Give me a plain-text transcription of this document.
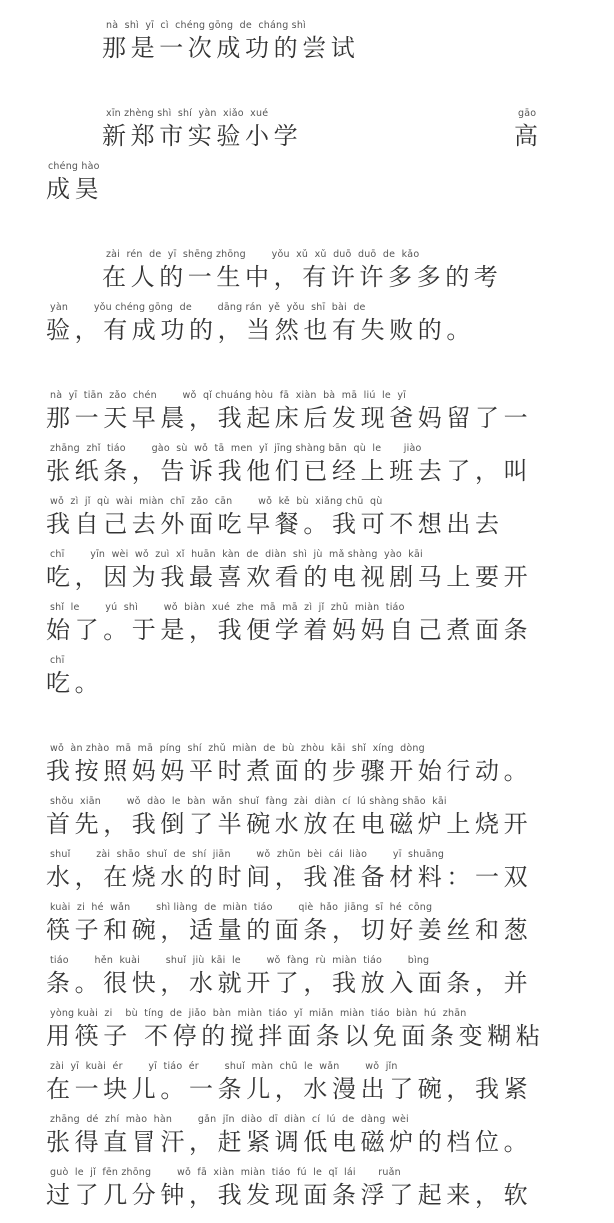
nà  shì  yī  cì  chéng gōng  de  cháng shì
那是一次成功的尝试
xīn zhèng shì  shí  yàn  xiǎo  xué
新郑市实验小学
gāo
高
chéng hào
成昊
zài  rén  de  yī  shēng zhōng        yǒu  xǔ  xǔ  duō  duō  de  kǎo
在人的一生中，有许许多多的考
yàn        yǒu chéng gōng  de        dāng rán  yě  yǒu  shī  bài  de
验，有成功的，当然也有失败的。
nà  yī  tiān  zǎo  chén        wǒ  qǐ chuáng hòu  fā  xiàn  bà  mā  liú  le  yī
那一天早晨，我起床后发现爸妈留了一
zhāng  zhǐ  tiáo        gào  sù  wǒ  tā  men  yǐ  jīng shàng bān  qù  le       jiào
张纸条，告诉我他们已经上班去了，叫
wǒ  zì  jǐ  qù  wài  miàn  chī  zǎo  cān        wǒ  kě  bù  xiǎng chū  qù
我自己去外面吃早餐。我可不想出去
chī        yīn  wèi  wǒ  zuì  xǐ  huān  kàn  de  diàn  shì  jù  mǎ shàng  yào  kāi
吃，因为我最喜欢看的电视剧马上要开
shǐ  le        yú  shì        wǒ  biàn  xué  zhe  mā  mā  zì  jǐ  zhǔ  miàn  tiáo
始了。于是，我便学着妈妈自己煮面条
chī
吃。
wǒ  àn zhào  mā  mā  píng  shí  zhǔ  miàn  de  bù  zhòu  kāi  shǐ  xíng  dòng
我按照妈妈平时煮面的步骤开始行动。
shǒu  xiān        wǒ  dào  le  bàn  wǎn  shuǐ  fàng  zài  diàn  cí  lú shàng shāo  kāi
首先，我倒了半碗水放在电磁炉上烧开
shuǐ        zài  shāo  shuǐ  de  shí  jiān        wǒ  zhǔn  bèi  cái  liào        yī  shuāng
水，在烧水的时间，我准备材料：一双
kuài  zi  hé  wǎn        shì liàng  de  miàn  tiáo        qiè  hǎo  jiāng  sī  hé  cōng
筷子和碗，适量的面条，切好姜丝和葱
tiáo        hěn  kuài        shuǐ  jiù  kāi  le        wǒ  fàng  rù  miàn  tiáo        bìng
条。很快，水就开了，我放入面条，并
yòng kuài  zi    bù  tíng  de  jiǎo  bàn  miàn  tiáo  yǐ  miǎn  miàn  tiáo  biàn  hú  zhān
用筷子 不停的搅拌面条以免面条变糊粘
zài  yī  kuài  ér        yī  tiáo  ér        shuǐ  màn  chū  le  wǎn        wǒ  jǐn
在一块儿。一条儿，水漫出了碗，我紧
zhāng  dé  zhí  mào  hàn        gǎn  jǐn  diào  dī  diàn  cí  lú  de  dàng  wèi
张得直冒汗，赶紧调低电磁炉的档位。
guò  le  jǐ  fēn zhōng        wǒ  fā  xiàn  miàn  tiáo  fú  le  qǐ  lái       ruǎn
过了几分钟，我发现面条浮了起来，软
